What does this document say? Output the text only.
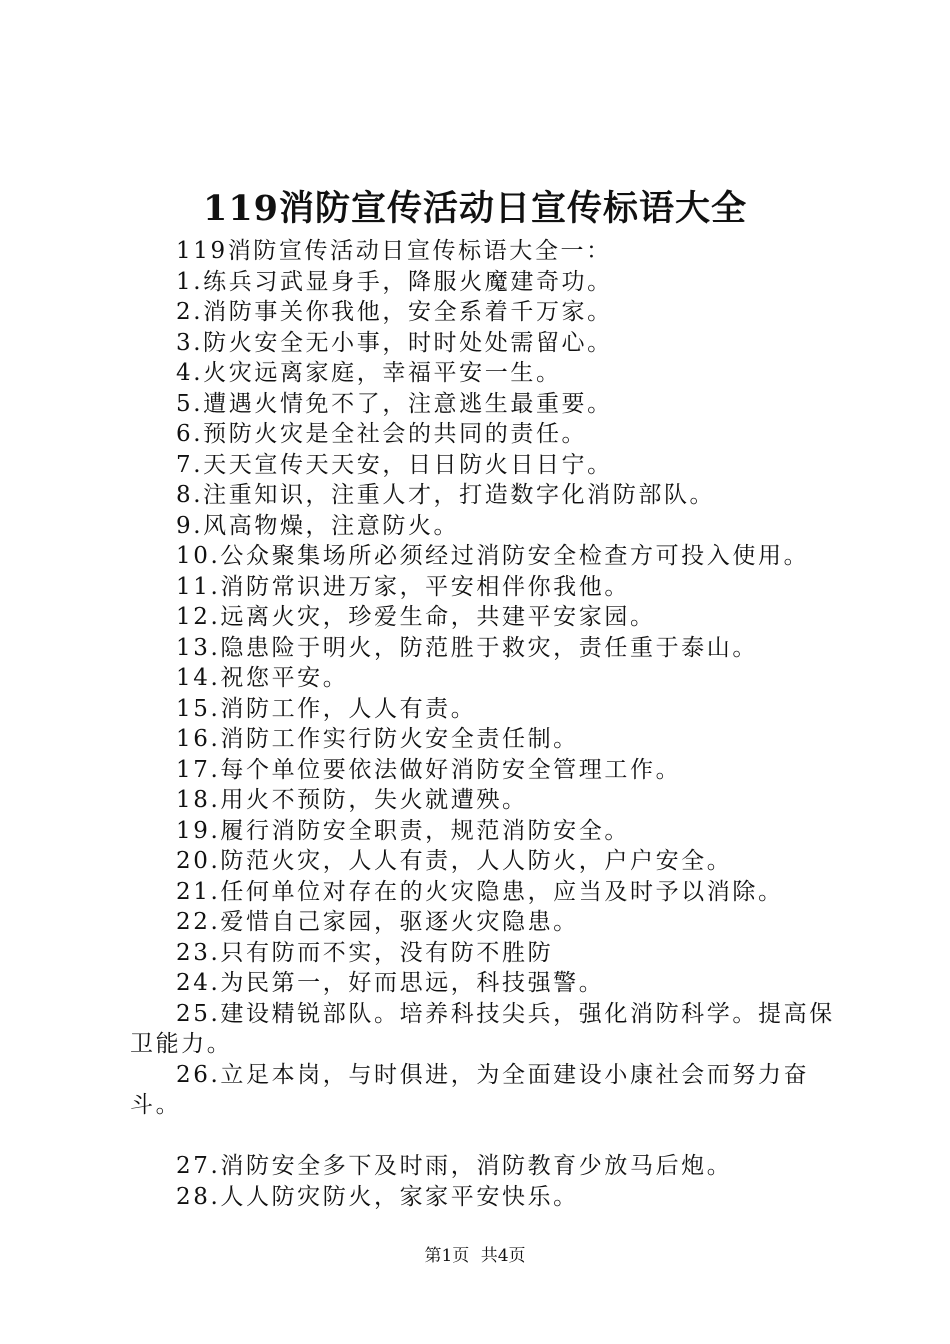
119消防宣传活动日宣传标语大全

119消防宣传活动日宣传标语大全一：

1.练兵习武显身手，降服火魔建奇功。

2.消防事关你我他，安全系着千万家。

3.防火安全无小事，时时处处需留心。

4.火灾远离家庭，幸福平安一生。

5.遭遇火情免不了，注意逃生最重要。

6.预防火灾是全社会的共同的责任。

7.天天宣传天天安，日日防火日日宁。

8.注重知识，注重人才，打造数字化消防部队。

9.风高物燥，注意防火。

10.公众聚集场所必须经过消防安全检查方可投入使用。

11.消防常识进万家，平安相伴你我他。

12.远离火灾，珍爱生命，共建平安家园。

13.隐患险于明火，防范胜于救灾，责任重于泰山。

14.祝您平安。

15.消防工作，人人有责。

16.消防工作实行防火安全责任制。

17.每个单位要依法做好消防安全管理工作。

18.用火不预防，失火就遭殃。

19.履行消防安全职责，规范消防安全。

20.防范火灾，人人有责，人人防火，户户安全。

21.任何单位对存在的火灾隐患，应当及时予以消除。

22.爱惜自己家园，驱逐火灾隐患。

23.只有防而不实，没有防不胜防

24.为民第一，好而思远，科技强警。

25.建设精锐部队。培养科技尖兵，强化消防科学。提高保卫能力。

26.立足本岗，与时俱进，为全面建设小康社会而努力奋斗。

27.消防安全多下及时雨，消防教育少放马后炮。

28.人人防灾防火，家家平安快乐。

第1页 共4页
